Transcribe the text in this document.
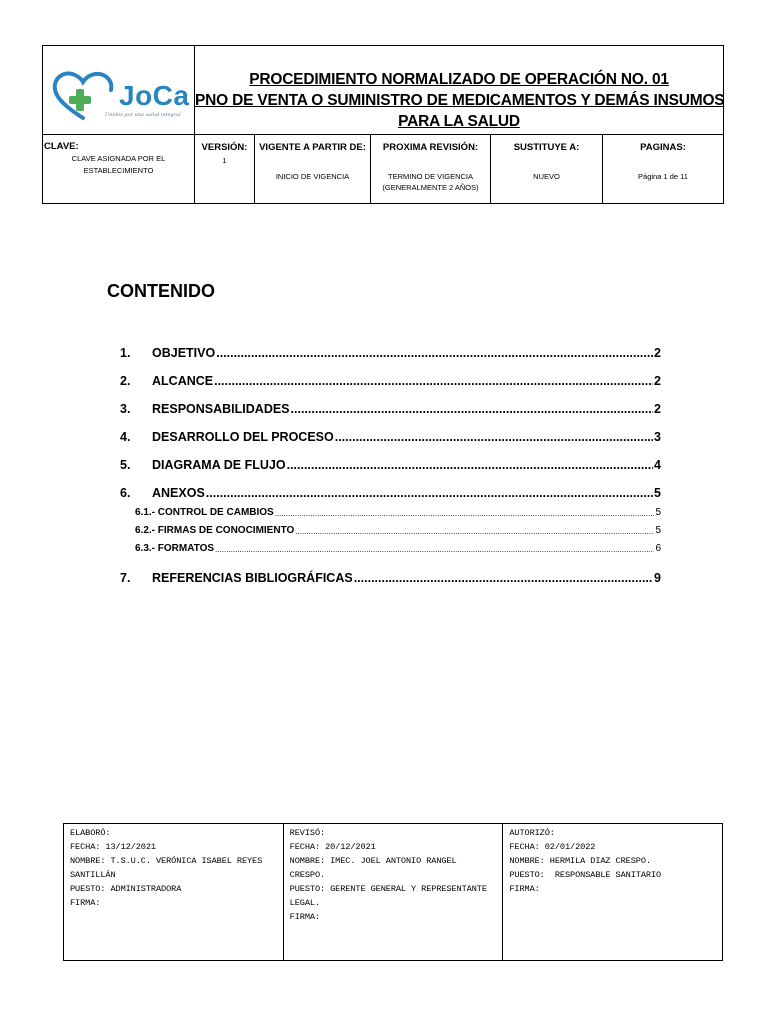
JoCa
Unidos por una salud integral
PROCEDIMIENTO NORMALIZADO DE OPERACIÓN NO. 01
PNO DE VENTA O SUMINISTRO DE MEDICAMENTOS Y DEMÁS INSUMOS
PARA LA SALUD
CLAVE:
CLAVE ASIGNADA POR EL ESTABLECIMIENTO
VERSIÓN:
1
VIGENTE A PARTIR DE:
INICIO DE VIGENCIA
PROXIMA REVISIÓN:
TERMINO DE VIGENCIA (GENERALMENTE 2 AÑOS)
SUSTITUYE A:
NUEVO
PAGINAS:
Página 1 de 11
CONTENIDO
1.	OBJETIVO .....	2
2.	ALCANCE .....	2
3.	RESPONSABILIDADES .....	2
4.	DESARROLLO DEL PROCESO .....	3
5.	DIAGRAMA DE FLUJO .....	4
6.	ANEXOS .....	5
6.1.- CONTROL DE CAMBIOS .....	5
6.2.- FIRMAS DE CONOCIMIENTO .....	5
6.3.- FORMATOS .....	6
7.	REFERENCIAS BIBLIOGRÁFICAS .....	9
ELABORÓ:
FECHA: 13/12/2021
NOMBRE: T.S.U.C. VERÓNICA ISABEL REYES SANTILLÁN
PUESTO: ADMINISTRADORA
FIRMA:
REVISÓ:
FECHA: 20/12/2021
NOMBRE: IMEC. JOEL ANTONIO RANGEL CRESPO.
PUESTO: GERENTE GENERAL Y REPRESENTANTE LEGAL.
FIRMA:
AUTORIZÓ:
FECHA: 02/01/2022
NOMBRE: HERMILA DIAZ CRESPO.
PUESTO:  RESPONSABLE SANITARIO
FIRMA:
